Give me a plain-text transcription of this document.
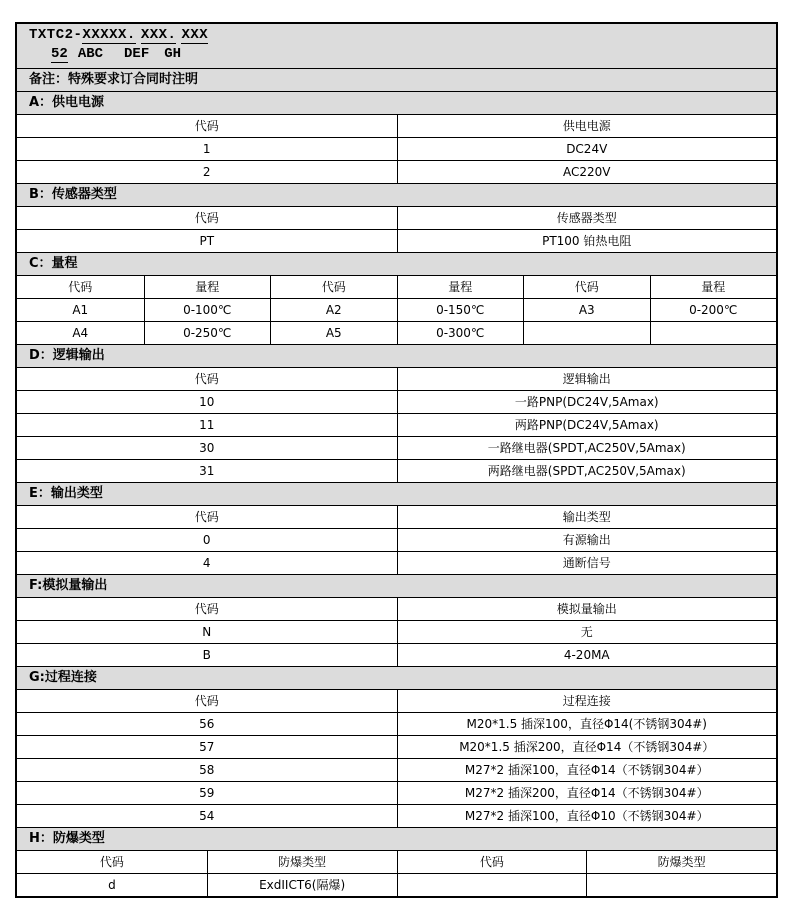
TXTC2-XXXXX. XXX. XXX
52 ABC DEF GH
备注：特殊要求订合同时注明
A：供电电源
代码	供电电源
1	DC24V
2	AC220V
B：传感器类型
代码	传感器类型
PT	PT100 铂热电阻
C：量程
代码	量程	代码	量程	代码	量程
A1	0-100℃	A2	0-150℃	A3	0-200℃
A4	0-250℃	A5	0-300℃
D：逻辑输出
代码	逻辑输出
10	一路PNP(DC24V,5Amax)
11	两路PNP(DC24V,5Amax)
30	一路继电器(SPDT,AC250V,5Amax)
31	两路继电器(SPDT,AC250V,5Amax)
E：输出类型
代码	输出类型
0	有源输出
4	通断信号
F:模拟量输出
代码	模拟量输出
N	无
B	4-20MA
G:过程连接
代码	过程连接
56	M20*1.5 插深100，直径Φ14(不锈钢304#)
57	M20*1.5 插深200，直径Φ14（不锈钢304#）
58	M27*2 插深100，直径Φ14（不锈钢304#）
59	M27*2 插深200，直径Φ14（不锈钢304#）
54	M27*2 插深100，直径Φ10（不锈钢304#）
H：防爆类型
代码	防爆类型	代码	防爆类型
d	ExdIICT6(隔爆)
